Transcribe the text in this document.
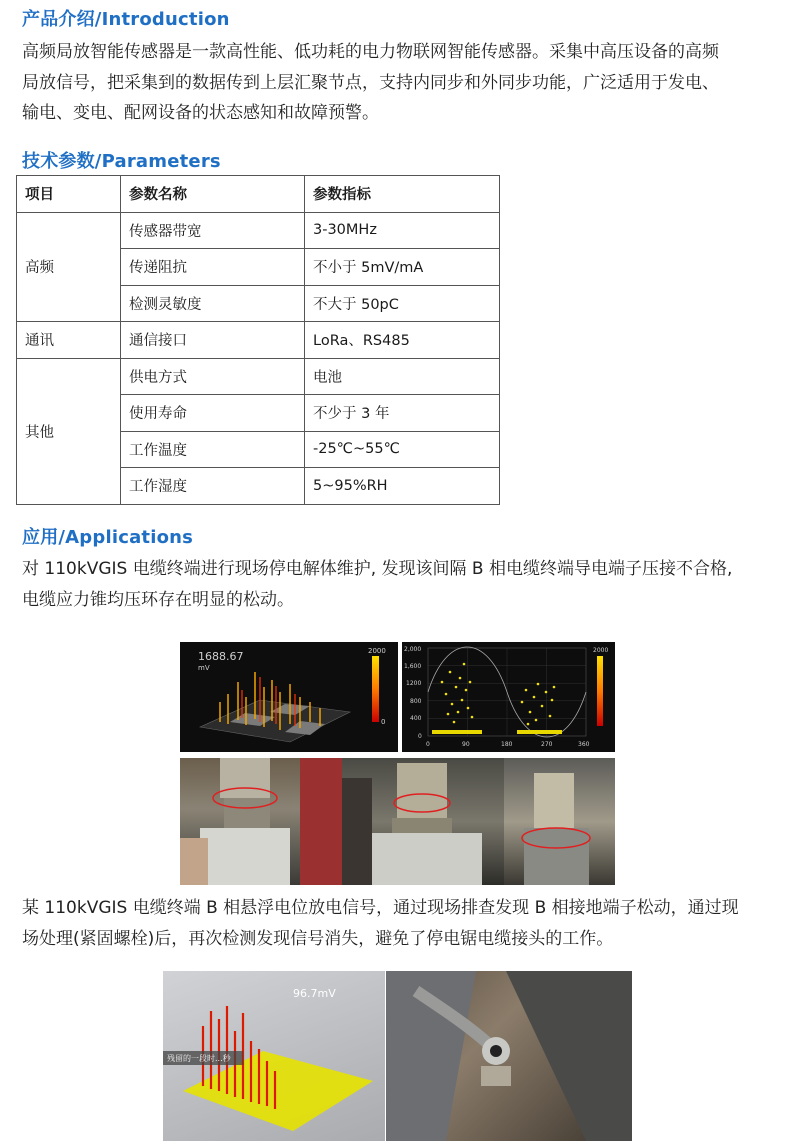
产品介绍/Introduction
高频局放智能传感器是一款高性能、低功耗的电力物联网智能传感器。采集中高压设备的高频
局放信号，把采集到的数据传到上层汇聚节点，支持内同步和外同步功能，广泛适用于发电、
输电、变电、配网设备的状态感知和故障预警。
技术参数/Parameters
项目	参数名称	参数指标
高频	传感器带宽	3-30MHz
	传递阻抗	不小于 5mV/mA
	检测灵敏度	不大于 50pC
通讯	通信接口	LoRa、RS485
其他	供电方式	电池
	使用寿命	不少于 3 年
	工作温度	-25℃~55℃
	工作湿度	5~95%RH
应用/Applications
对 110kVGIS 电缆终端进行现场停电解体维护, 发现该间隔 B 相电缆终端导电端子压接不合格,
电缆应力锥均压环存在明显的松动。
1688.67
mV
2000
0
2,000
1,600
1200
800
400
0
0	90	180	270	360
2000
某 110kVGIS 电缆终端 B 相悬浮电位放电信号，通过现场排查发现 B 相接地端子松动，通过现
场处理(紧固螺栓)后，再次检测发现信号消失，避免了停电锯电缆接头的工作。
96.7mV
残留的一段时...秒
